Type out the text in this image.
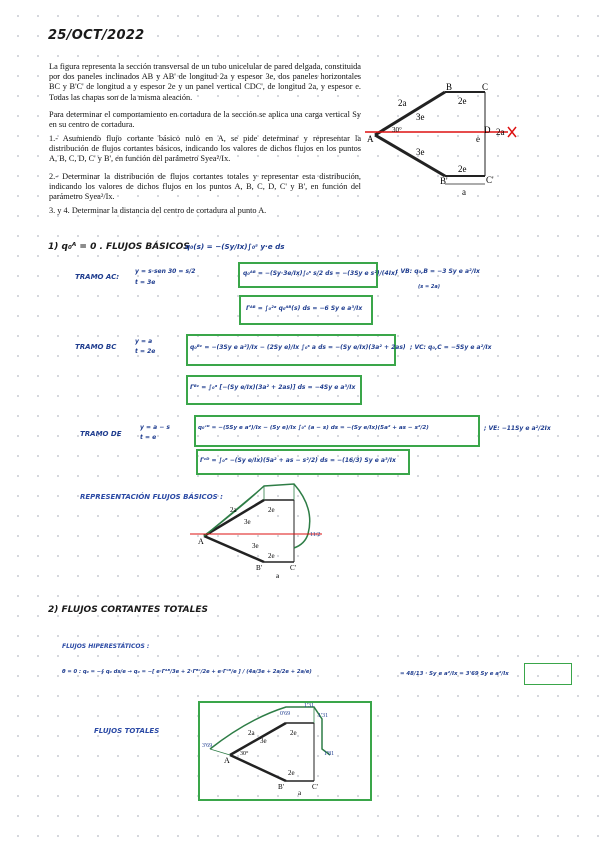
25/OCT/2022

La figura representa la sección transversal de un tubo unicelular de pared delgada, constituida por dos paneles inclinados AB y AB' de longitud 2a y espesor 3e, dos paneles horizontales BC y B'C' de longitud a y espesor 2e y un panel vertical CDC', de longitud 2a, y espesor e. Todas las chapas son de la misma aleación.

Para determinar el comportamiento en cortadura de la sección se aplica una carga vertical Sy en su centro de cortadura.

1.- Asumiendo flujo cortante básico nulo en A, se pide determinar y representar la distribución de flujos cortantes básicos, indicando los valores de dichos flujos en los puntos A, B, C, D, C' y B', en función del parámetro Syea²/Ix.

2.- Determinar la distribución de flujos cortantes totales y representar esta distribución, indicando los valores de dichos flujos en los puntos A, B, C, D, C' y B', en función del parámetro Syea²/Ix.

3. y 4. Determinar la distancia del centro de cortadura al punto A.

A
B	C
D
e
B'	C'
2a
2a
3e
3e
2e
2e
30°
a
1) q₀ᴬ = 0 . FLUJOS BÁSICOS
q₀(s) = −(Sy/Ix)∫₀ˢ y·e ds
TRAMO AC:
y = s·sen 30 = s/2
t = 3e
q₀ᴬᴮ = −(Sy·3e/Ix)∫₀ˢ s/2 ds = −(3Sy e s²)/(4Ix)
; VB: q₀,B = −3 Sy e a²/Ix
(s = 2a)
Γᴬᴮ = ∫₀²ᵃ q₀ᴬᴮ(s) ds = −6 Sy e a³/Ix
TRAMO BC
y = a
t = 2e
q₀ᴮᶜ = −(3Sy e a²)/Ix − (2Sy e)/Ix ∫₀ˢ a ds = −(Sy e/Ix)(3a² + 2as) ; VC: q₀,C = −5Sy e a²/Ix
Γᴮᶜ = ∫₀ᵃ [−(Sy e/Ix)(3a² + 2as)] ds = −4Sy e a³/Ix
TRAMO DE
y = a − s
t = e
q₀ᶜᴰ = −(5Sy e a²)/Ix − (Sy e)/Ix ∫₀ˢ (a − s) ds = −(Sy e/Ix)(5a² + as − s²/2)	; VE: −11Sy e a²/2Ix
Γᶜᴰ = ∫₀ᵃ −(Sy e/Ix)(5a² + as − s²/2) ds = −(16/3) Sy e a³/Ix
REPRESENTACIÓN FLUJOS BÁSICOS :
A
2a
3e
2e
3e
2e
B'	C'
a
11/2
2) FLUJOS CORTANTES TOTALES
FLUJOS HIPERESTÁTICOS :
θ = 0 : q₀ = −∮ q₀ ds/e → q₀ = −[ e·Γᴬᴮ/3e + 2·Γᴮᶜ/2e + e·Γᶜᴰ/e ] / (4a/3e + 2a/2e + 2a/e)	= 48/13 · Sy e a²/Ix = 3'69 Sy e a²/Ix
FLUJOS TOTALES
A
2a
3e
2e
2e
B'	C'
a
30°
0'69
1'31
1'31
3'69
1'81
